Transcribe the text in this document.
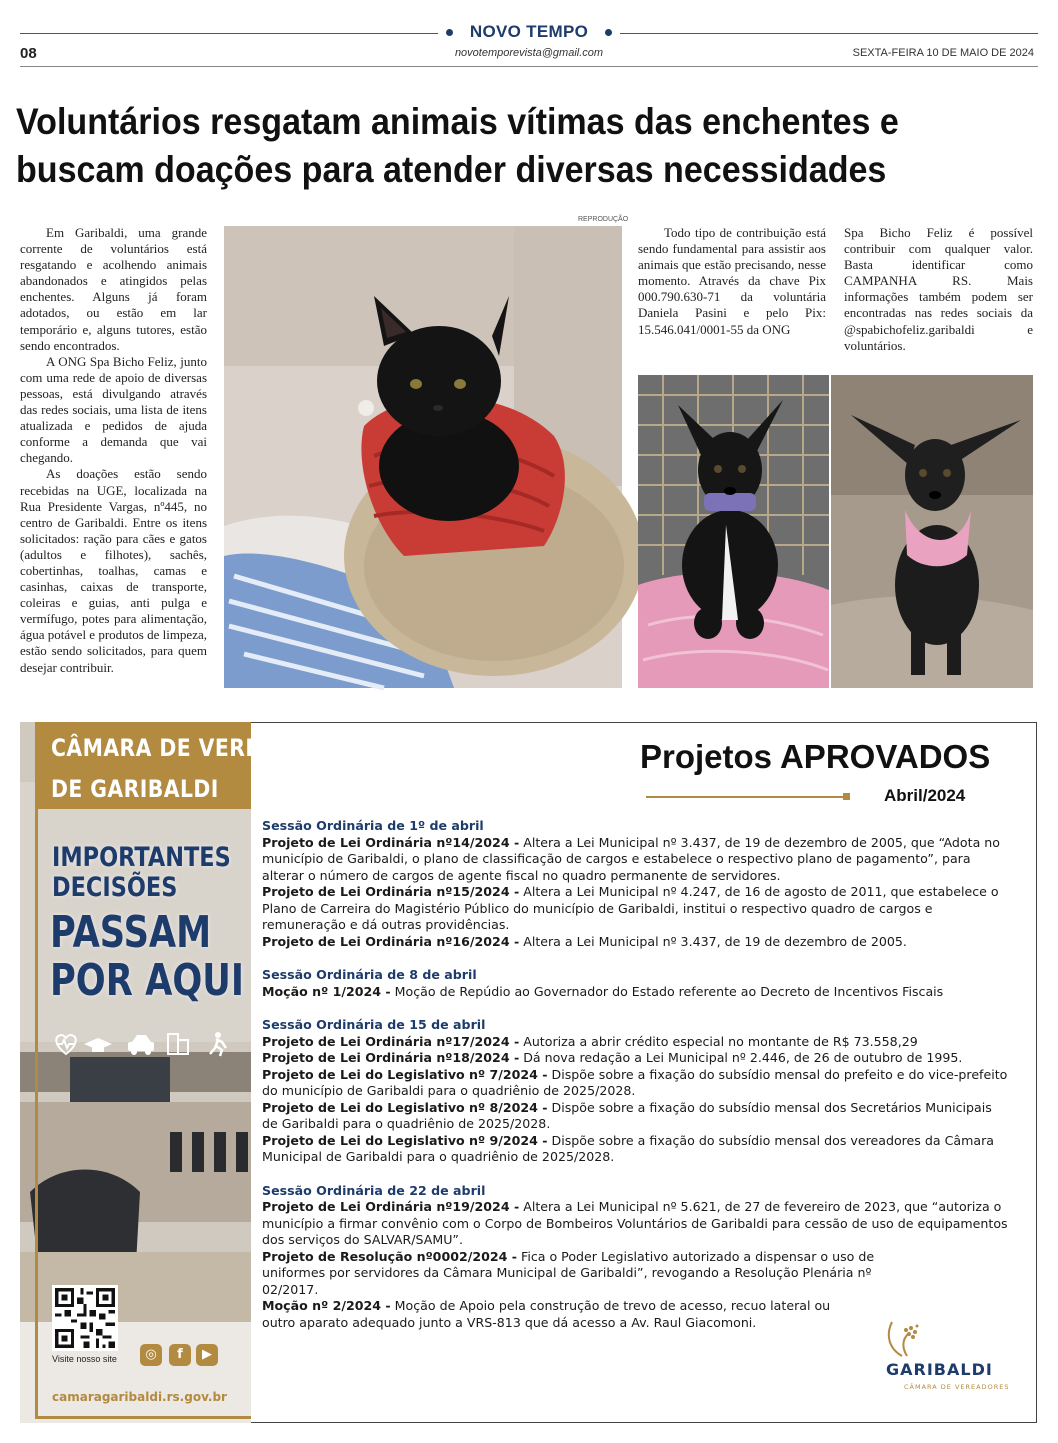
NOVO TEMPO
08	novotemporevista@gmail.com	SEXTA-FEIRA 10 DE MAIO DE 2024
Voluntários resgatam animais vítimas das enchentes e
buscam doações para atender diversas necessidades

Em Garibaldi, uma grande corrente de voluntários está resgatando e acolhendo animais abandonados e atingidos pelas enchentes. Alguns já foram adotados, ou estão em lar temporário e, alguns tutores, estão sendo encontrados.

A ONG Spa Bicho Feliz, junto com uma rede de apoio de diversas pessoas, está divulgando através das redes sociais, uma lista de itens atualizada e pedidos de ajuda conforme a demanda que vai chegando.

As doações estão sendo recebidas na UGE, localizada na Rua Presidente Vargas, nº445, no centro de Garibaldi. Entre os itens solicitados: ração para cães e gatos (adultos e filhotes), sachês, cobertinhas, toalhas, camas e casinhas, caixas de transporte, coleiras e guias, anti pulga e vermífugo, potes para alimentação, água potável e produtos de limpeza, estão sendo solicitados, para quem desejar contribuir.

REPRODUÇÃO

Todo tipo de contribuição está sendo fundamental para assistir aos animais que estão precisando, nesse momento. Através da chave Pix 000.790.630-71 da voluntária Daniela Pasini e pelo Pix: 15.546.041/0001-55 da ONG

Spa Bicho Feliz é possível contribuir com qualquer valor. Basta identificar como CAMPANHA RS. Mais informações também podem ser encontradas nas redes sociais da @spabichofeliz.garibaldi e voluntários.

CÂMARA DE VEREADORES
DE GARIBALDI
IMPORTANTES
DECISÕES
PASSAM
POR AQUI
Visite nosso site	◎	f	▶
camaragaribaldi.rs.gov.br
Projetos APROVADOS
Abril/2024
Sessão Ordinária de 1º de abril
Projeto de Lei Ordinária nº14/2024 - Altera a Lei Municipal nº 3.437, de 19 de dezembro de 2005, que “Adota no município de Garibaldi, o plano de classificação de cargos e estabelece o respectivo plano de pagamento”, para alterar o número de cargos de agente fiscal no quadro permanente de servidores.
Projeto de Lei Ordinária nº15/2024 - Altera a Lei Municipal nº 4.247, de 16 de agosto de 2011, que estabelece o Plano de Carreira do Magistério Público do município de Garibaldi, institui o respectivo quadro de cargos e remuneração e dá outras providências.
Projeto de Lei Ordinária nº16/2024 - Altera a Lei Municipal nº 3.437, de 19 de dezembro de 2005.
Sessão Ordinária de 8 de abril
Moção nº 1/2024 - Moção de Repúdio ao Governador do Estado referente ao Decreto de Incentivos Fiscais
Sessão Ordinária de 15 de abril
Projeto de Lei Ordinária nº17/2024 - Autoriza a abrir crédito especial no montante de R$ 73.558,29
Projeto de Lei Ordinária nº18/2024 - Dá nova redação a Lei Municipal nº 2.446, de 26 de outubro de 1995.
Projeto de Lei do Legislativo nº 7/2024 - Dispõe sobre a fixação do subsídio mensal do prefeito e do vice-prefeito do município de Garibaldi para o quadriênio de 2025/2028.
Projeto de Lei do Legislativo nº 8/2024 - Dispõe sobre a fixação do subsídio mensal dos Secretários Municipais de Garibaldi para o quadriênio de 2025/2028.
Projeto de Lei do Legislativo nº 9/2024 - Dispõe sobre a fixação do subsídio mensal dos vereadores da Câmara Municipal de Garibaldi para o quadriênio de 2025/2028.
Sessão Ordinária de 22 de abril
Projeto de Lei Ordinária nº19/2024 - Altera a Lei Municipal nº 5.621, de 27 de fevereiro de 2023, que “autoriza o município a firmar convênio com o Corpo de Bombeiros Voluntários de Garibaldi para cessão de uso de equipamentos dos serviços do SALVAR/SAMU”.
Projeto de Resolução nº0002/2024 - Fica o Poder Legislativo autorizado a dispensar o uso de uniformes por servidores da Câmara Municipal de Garibaldi”, revogando a Resolução Plenária nº 02/2017.
Moção nº 2/2024 - Moção de Apoio pela construção de trevo de acesso, recuo lateral ou outro aparato adequado junto a VRS-813 que dá acesso a Av. Raul Giacomoni.
GARIBALDI
CÂMARA DE VEREADORES
